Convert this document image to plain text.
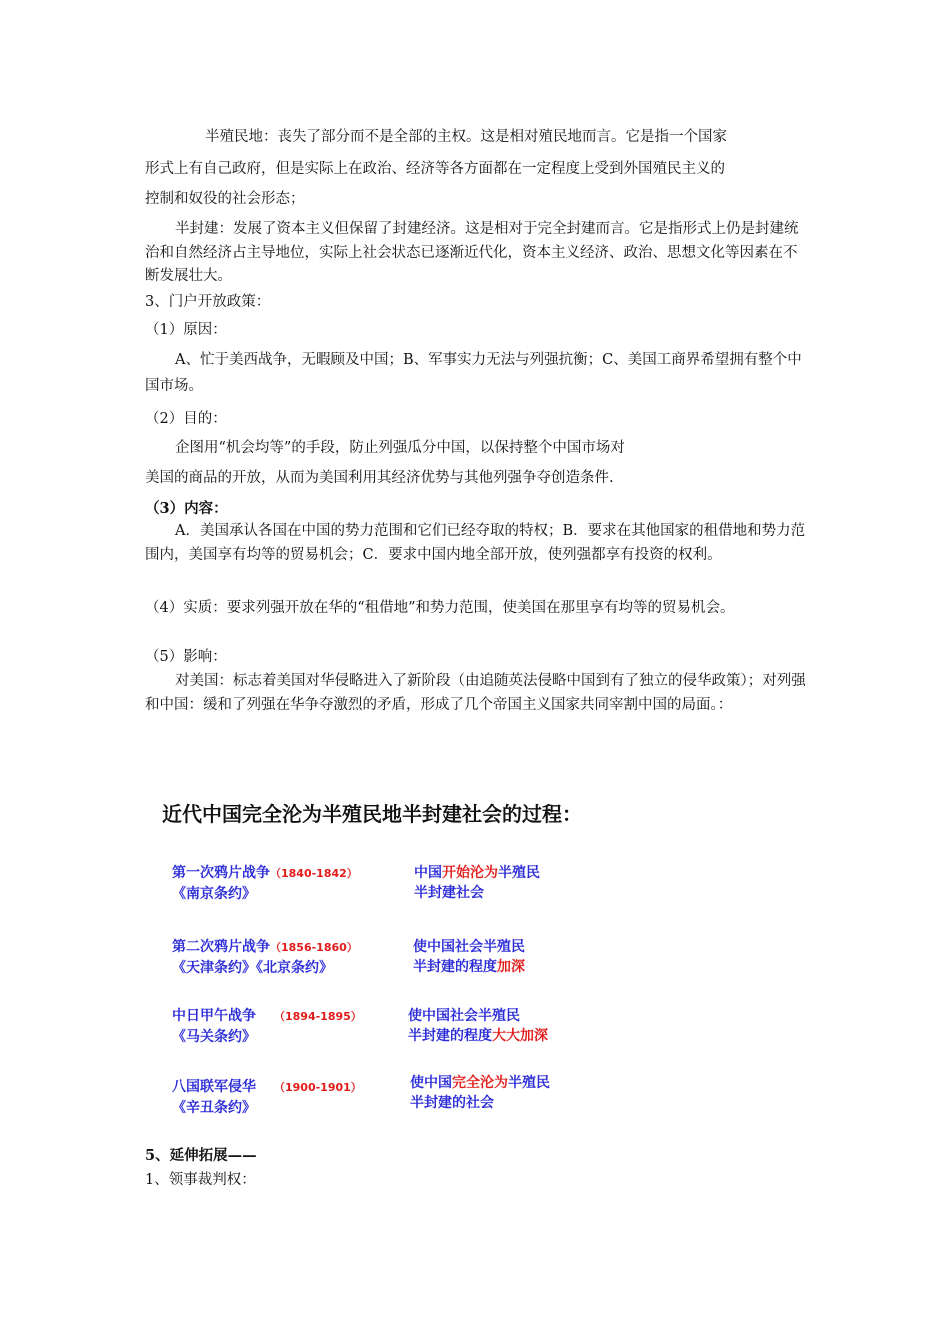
半殖民地：丧失了部分而不是全部的主权。这是相对殖民地而言。它是指一个国家
形式上有自己政府，但是实际上在政治、经济等各方面都在一定程度上受到外国殖民主义的
控制和奴役的社会形态；
半封建：发展了资本主义但保留了封建经济。这是相对于完全封建而言。它是指形式上仍是封建统治和自然经济占主导地位，实际上社会状态已逐渐近代化，资本主义经济、政治、思想文化等因素在不断发展壮大。
3、门户开放政策：
（1）原因：
A、忙于美西战争，无暇顾及中国；B、军事实力无法与列强抗衡；C、美国工商界希望拥有整个中国市场。
（2）目的：
企图用“机会均等”的手段，防止列强瓜分中国，以保持整个中国市场对
美国的商品的开放，从而为美国利用其经济优势与其他列强争夺创造条件.
（3）内容：
A．美国承认各国在中国的势力范围和它们已经夺取的特权；B．要求在其他国家的租借地和势力范围内，美国享有均等的贸易机会；C．要求中国内地全部开放，使列强都享有投资的权利。
（4）实质：要求列强开放在华的“租借地”和势力范围，使美国在那里享有均等的贸易机会。
（5）影响：
对美国：标志着美国对华侵略进入了新阶段（由追随英法侵略中国到有了独立的侵华政策）；对列强和中国：缓和了列强在华争夺激烈的矛盾，形成了几个帝国主义国家共同宰割中国的局面。：
近代中国完全沦为半殖民地半封建社会的过程：
第一次鸦片战争（1840-1842）
《南京条约》
中国开始沦为半殖民
半封建社会
第二次鸦片战争（1856-1860）
《天津条约》《北京条约》
使中国社会半殖民
半封建的程度加深
中日甲午战争 （1894-1895）
《马关条约》
使中国社会半殖民
半封建的程度大大加深
八国联军侵华 （1900-1901）
《辛丑条约》
使中国完全沦为半殖民
半封建的社会
5、延伸拓展——
1、领事裁判权：
